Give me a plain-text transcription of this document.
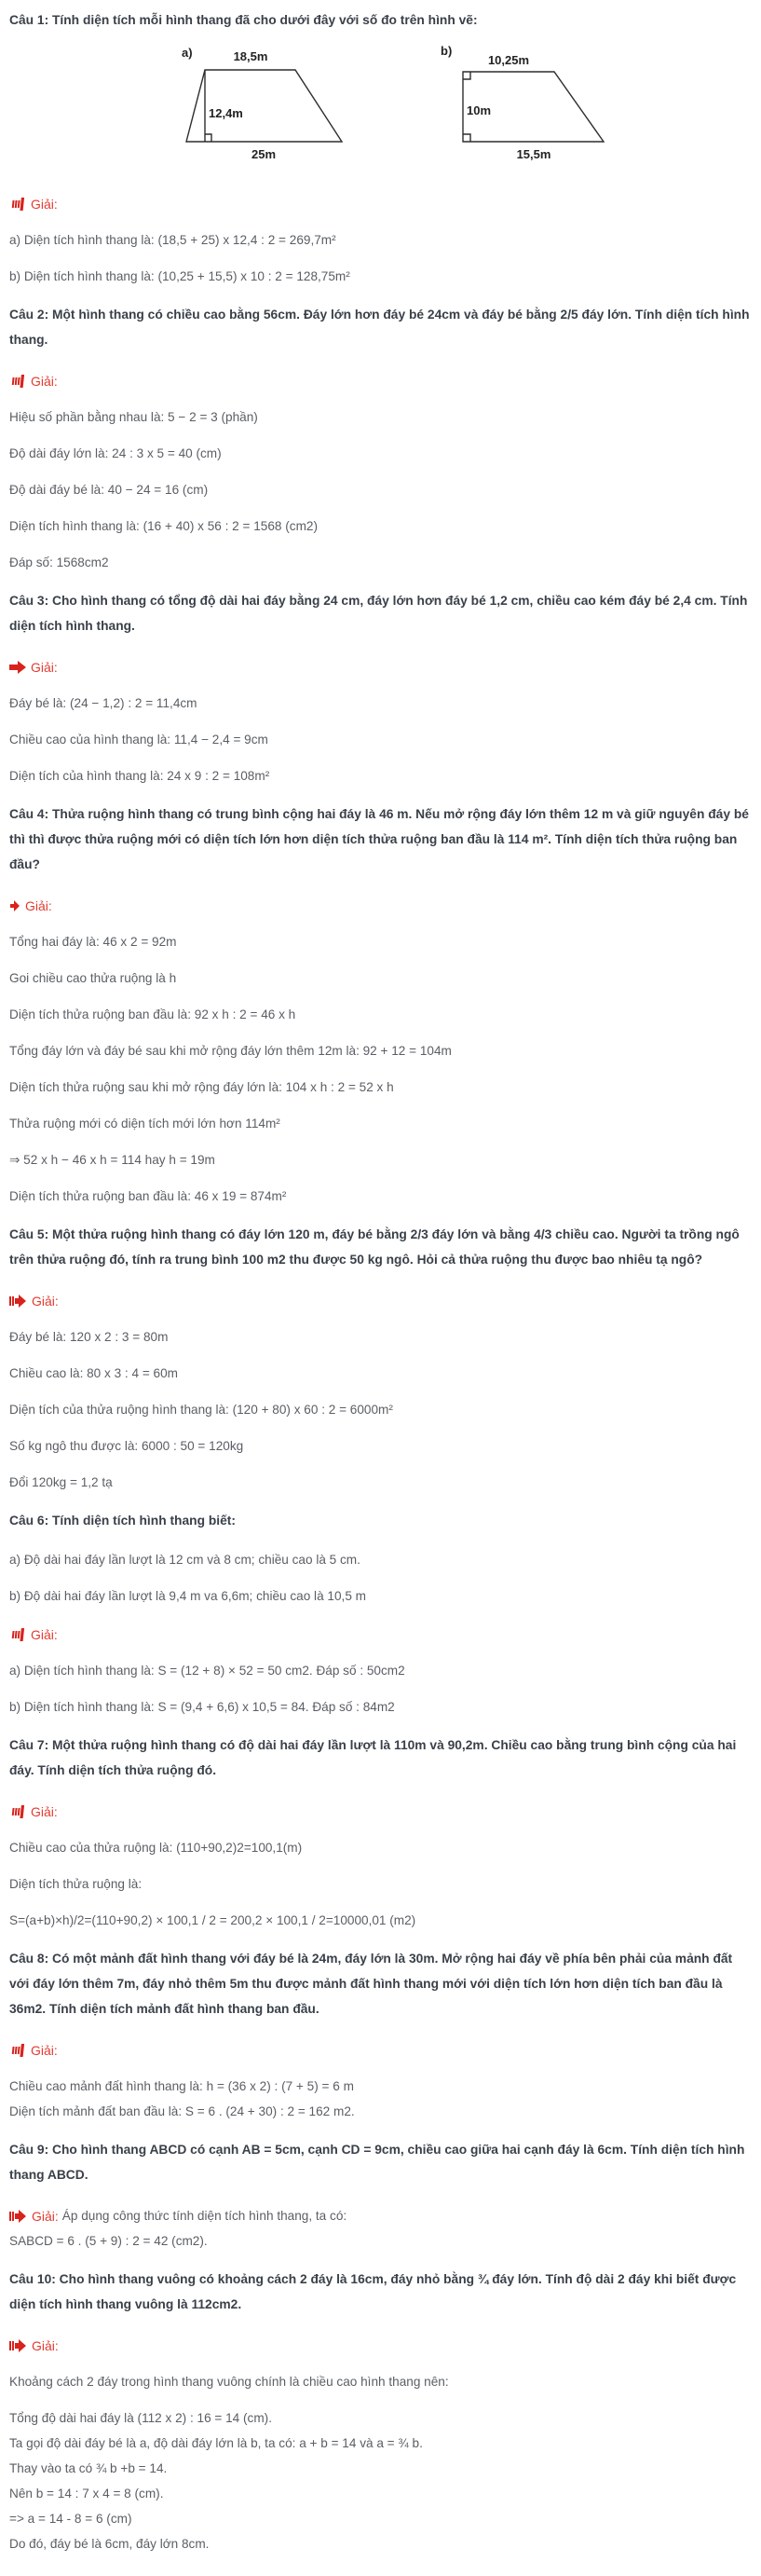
Câu 1: Tính diện tích mỗi hình thang đã cho dưới đây với số đo trên hình vẽ:
a)	18,5m
12,4m
25m
b)
10,25m
10m
15,5m
Giải:
a) Diện tích hình thang là: (18,5 + 25) x 12,4 : 2 = 269,7m²
b) Diện tích hình thang là: (10,25 + 15,5) x 10 : 2 = 128,75m²
Câu 2: Một hình thang có chiều cao bằng 56cm. Đáy lớn hơn đáy bé 24cm và đáy bé bằng 2/5 đáy lớn. Tính diện tích hình thang.
Giải:
Hiệu số phần bằng nhau là: 5 − 2 = 3 (phần)
Độ dài đáy lớn là: 24 : 3 x 5 = 40 (cm)
Độ dài đáy bé là: 40 − 24 = 16 (cm)
Diện tích hình thang là: (16 + 40) x 56 : 2 = 1568 (cm2)
Đáp số: 1568cm2
Câu 3: Cho hình thang có tổng độ dài hai đáy bằng 24 cm, đáy lớn hơn đáy bé 1,2 cm, chiều cao kém đáy bé 2,4 cm. Tính diện tích hình thang.
Giải:
Đáy bé là: (24 − 1,2) : 2 = 11,4cm
Chiều cao của hình thang là: 11,4 − 2,4 = 9cm
Diện tích của hình thang là: 24 x 9 : 2 = 108m²
Câu 4: Thửa ruộng hình thang có trung bình cộng hai đáy là 46 m. Nếu mở rộng đáy lớn thêm 12 m và giữ nguyên đáy bé thì thì được thửa ruộng mới có diện tích lớn hơn diện tích thửa ruộng ban đầu là 114 m². Tính diện tích thửa ruộng ban đầu?
Giải:
Tổng hai đáy là: 46 x 2 = 92m
Goi chiều cao thửa ruộng là h
Diện tích thửa ruộng ban đầu là: 92 x h : 2 = 46 x h
Tổng đáy lớn và đáy bé sau khi mở rộng đáy lớn thêm 12m là: 92 + 12 = 104m
Diện tích thửa ruộng sau khi mở rộng đáy lớn là: 104 x h : 2 = 52 x h
Thửa ruộng mới có diện tích mới lớn hơn 114m²
⇒ 52 x h − 46 x h = 114 hay h = 19m
Diện tích thửa ruộng ban đầu là: 46 x 19 = 874m²
Câu 5: Một thửa ruộng hình thang có đáy lớn 120 m, đáy bé bằng 2/3 đáy lớn và bằng 4/3 chiều cao. Người ta trồng ngô trên thửa ruộng đó, tính ra trung bình 100 m2 thu được 50 kg ngô. Hỏi cả thửa ruộng thu được bao nhiêu tạ ngô?
Giải:
Đáy bé là: 120 x 2 : 3 = 80m
Chiều cao là: 80 x 3 : 4 = 60m
Diện tích của thửa ruộng hình thang là: (120 + 80) x 60 : 2 = 6000m²
Số kg ngô thu được là: 6000 : 50 = 120kg
Đổi 120kg = 1,2 tạ
Câu 6: Tính diện tích hình thang biết:
a) Độ dài hai đáy lần lượt là 12 cm và 8 cm; chiều cao là 5 cm.
b) Độ dài hai đáy lần lượt là 9,4 m va 6,6m; chiều cao là 10,5 m
Giải:
a) Diện tích hình thang là: S = (12 + 8) × 52 = 50 cm2. Đáp số : 50cm2
b) Diện tích hình thang là: S = (9,4 + 6,6) x 10,5 = 84. Đáp số : 84m2
Câu 7: Một thửa ruộng hình thang có độ dài hai đáy lần lượt là 110m và 90,2m. Chiều cao bằng trung bình cộng của hai đáy. Tính diện tích thửa ruộng đó.
Giải:
Chiều cao của thửa ruộng là: (110+90,2)2=100,1(m)
Diện tích thửa ruộng là:
S=(a+b)×h)/2=(110+90,2) × 100,1 / 2 = 200,2 × 100,1 / 2=10000,01 (m2)
Câu 8: Có một mảnh đất hình thang với đáy bé là 24m, đáy lớn là 30m. Mở rộng hai đáy về phía bên phải của mảnh đất với đáy lớn thêm 7m, đáy nhỏ thêm 5m thu được mảnh đất hình thang mới với diện tích lớn hơn diện tích ban đầu là 36m2. Tính diện tích mảnh đất hình thang ban đầu.
Giải:
Chiều cao mảnh đất hình thang là: h = (36 x 2) : (7 + 5) = 6 m
Diện tích mảnh đất ban đầu là: S = 6 . (24 + 30) : 2 = 162 m2.
Câu 9: Cho hình thang ABCD có cạnh AB = 5cm, cạnh CD = 9cm, chiều cao giữa hai cạnh đáy là 6cm. Tính diện tích hình thang ABCD.
Giải: Áp dụng công thức tính diện tích hình thang, ta có:
SABCD = 6 . (5 + 9) : 2 = 42 (cm2).
Câu 10: Cho hình thang vuông có khoảng cách 2 đáy là 16cm, đáy nhỏ bằng ¾ đáy lớn. Tính độ dài 2 đáy khi biết được diện tích hình thang vuông là 112cm2.
Giải:
Khoảng cách 2 đáy trong hình thang vuông chính là chiều cao hình thang nên:
Tổng độ dài hai đáy là (112 x 2) : 16 = 14 (cm).
Ta gọi độ dài đáy bé là a, độ dài đáy lớn là b, ta có: a + b = 14 và a = ¾ b.
Thay vào ta có ¾ b +b = 14.
Nên b = 14 : 7 x 4 = 8 (cm).
=> a = 14 - 8 = 6 (cm)
Do đó, đáy bé là 6cm, đáy lớn 8cm.
